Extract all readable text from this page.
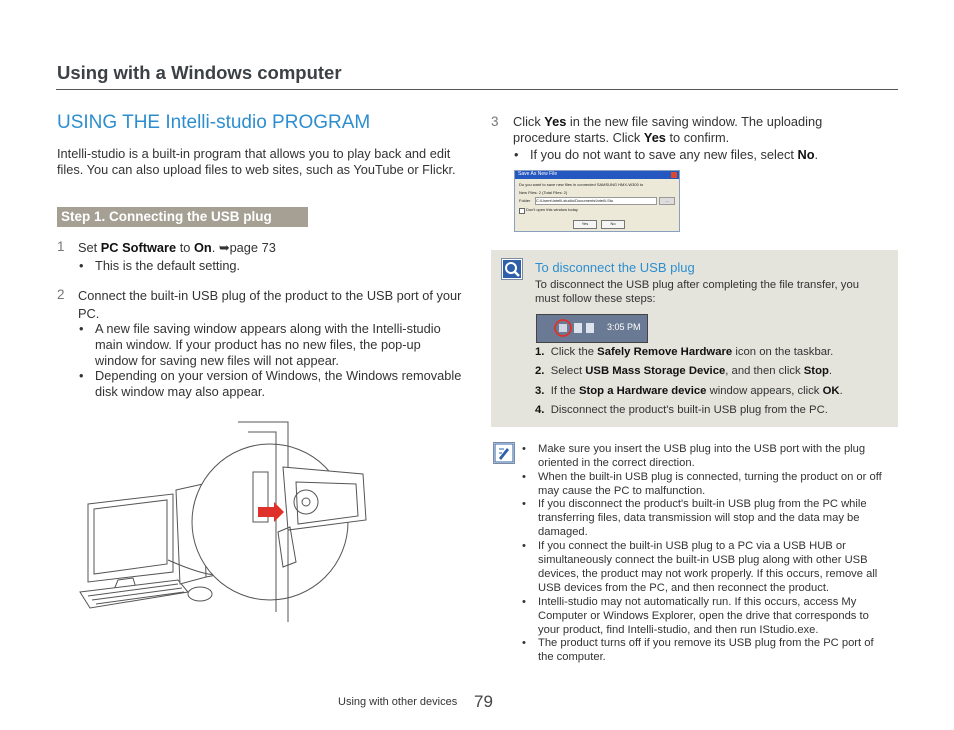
Using with a Windows computer
USING THE Intelli-studio PROGRAM
Intelli-studio is a built-in program that allows you to play back and edit files. You can also upload files to web sites, such as YouTube or Flickr.
Step 1. Connecting the USB plug
1 Set PC Software to On. ➥page 73
• This is the default setting.
2 Connect the built-in USB plug of the product to the USB port of your PC.
• A new file saving window appears along with the Intelli-studio main window. If your product has no new files, the pop-up window for saving new files will not appear.
• Depending on your version of Windows, the Windows removable disk window may also appear.
3 Click Yes in the new file saving window. The uploading procedure starts. Click Yes to confirm.
• If you do not want to save any new files, select No.
Save As New File
Do you want to save new files in connected SAMSUNG HMX-W300 to
New Files: 2 (Total Files: 2)
Folder C:\Users\Intelli-studio\Documents\Intelli-Stu	...
Don't open this window today
Yes	No
To disconnect the USB plug
To disconnect the USB plug after completing the file transfer, you must follow these steps:
3:05 PM
1. Click the Safely Remove Hardware icon on the taskbar.
2. Select USB Mass Storage Device, and then click Stop.
3. If the Stop a Hardware device window appears, click OK.
4. Disconnect the product's built-in USB plug from the PC.
• Make sure you insert the USB plug into the USB port with the plug oriented in the correct direction.
• When the built-in USB plug is connected, turning the product on or off may cause the PC to malfunction.
• If you disconnect the product's built-in USB plug from the PC while transferring files, data transmission will stop and the data may be damaged.
• If you connect the built-in USB plug to a PC via a USB HUB or simultaneously connect the built-in USB plug along with other USB devices, the product may not work properly. If this occurs, remove all USB devices from the PC, and then reconnect the product.
• Intelli-studio may not automatically run. If this occurs, access My Computer or Windows Explorer, open the drive that corresponds to your product, find Intelli-studio, and then run IStudio.exe.
• The product turns off if you remove its USB plug from the PC port of the computer.
Using with other devices 79
